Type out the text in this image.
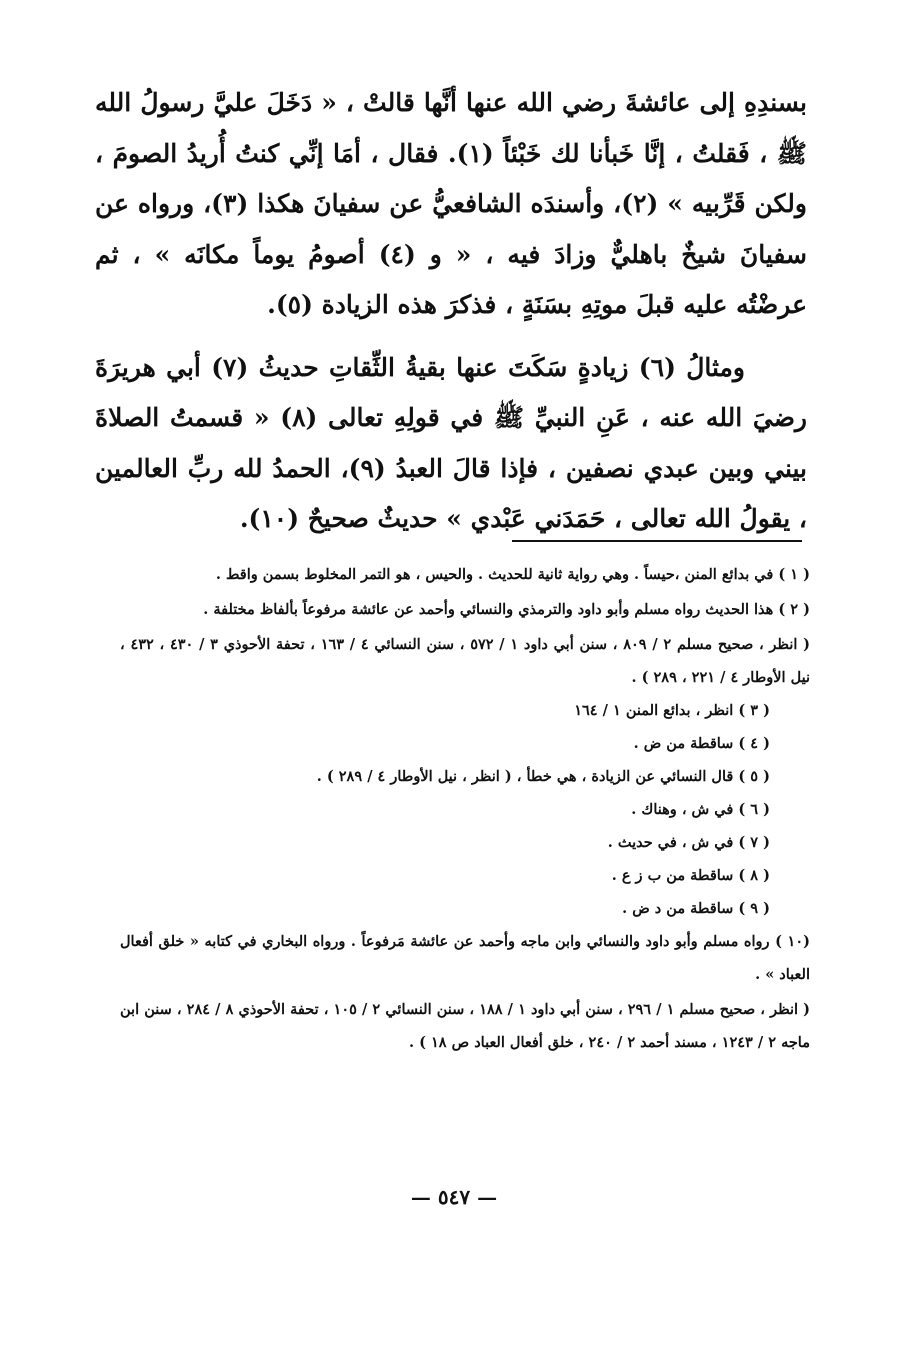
بسندِهِ إلى عائشةَ رضي الله عنها أنَّها قالتْ ، « دَخَلَ عليَّ رسولُ الله ﷺ ، فَقلتُ ، إنَّا خَبأنا لك خَبْئاً (١). فقال ، أمَا إنِّي كنتُ أُريدُ الصومَ ، ولكن قَرِّبيه » (٢)، وأسندَه الشافعيُّ عن سفيانَ هكذا (٣)، ورواه عن سفيانَ شيخٌ باهليٌّ وزادَ فيه ، « و (٤) أصومُ يوماً مكانَه » ، ثم عرضْتُه عليه قبلَ موتِهِ بسَنَةٍ ، فذكرَ هذه الزيادة (٥).

ومثالُ (٦) زيادةٍ سَكَتَ عنها بقيةُ الثِّقاتِ حديثُ (٧) أبي هريرَةَ رضيَ الله عنه ، عَنِ النبيِّ ﷺ في قولِهِ تعالى (٨) « قسمتُ الصلاةَ بيني وبين عبدي نصفين ، فإذا قالَ العبدُ (٩)، الحمدُ لله ربِّ العالمين ، يقولُ الله تعالى ، حَمَدَني عَبْدي » حديثٌ صحيحٌ (١٠).

( ١ ) في بدائع المنن ،حيساً . وهي رواية ثانية للحديث . والحيس ، هو التمر المخلوط بسمن واقط .

( ٢ ) هذا الحديث رواه مسلم وأبو داود والترمذي والنسائي وأحمد عن عائشة مرفوعاً بألفاظ مختلفة .

( انظر ، صحيح مسلم ٢ / ٨٠٩ ، سنن أبي داود ١ / ٥٧٢ ، سنن النسائي ٤ / ١٦٣ ، تحفة الأحوذي ٣ / ٤٣٠ ، ٤٣٢ ، نيل الأوطار ٤ / ٢٢١ ، ٢٨٩ ) .

( ٣ ) انظر ، بدائع المنن ١ / ١٦٤

( ٤ ) ساقطة من ض .

( ٥ ) قال النسائي عن الزيادة ، هي خطأ ، ( انظر ، نيل الأوطار ٤ / ٢٨٩ ) .

( ٦ ) في ش ، وهناك .

( ٧ ) في ش ، في حديث .

( ٨ ) ساقطة من ب ز ع .

( ٩ ) ساقطة من د ض .

(١٠ ) رواه مسلم وأبو داود والنسائي وابن ماجه وأحمد عن عائشة مَرفوعاً . ورواه البخاري في كتابه « خلق أفعال العباد » .

( انظر ، صحيح مسلم ١ / ٢٩٦ ، سنن أبي داود ١ / ١٨٨ ، سنن النسائي ٢ / ١٠٥ ، تحفة الأحوذي ٨ / ٢٨٤ ، سنن ابن ماجه ٢ / ١٢٤٣ ، مسند أحمد ٢ / ٢٤٠ ، خلق أفعال العباد ص ١٨ ) .

— ٥٤٧ —
